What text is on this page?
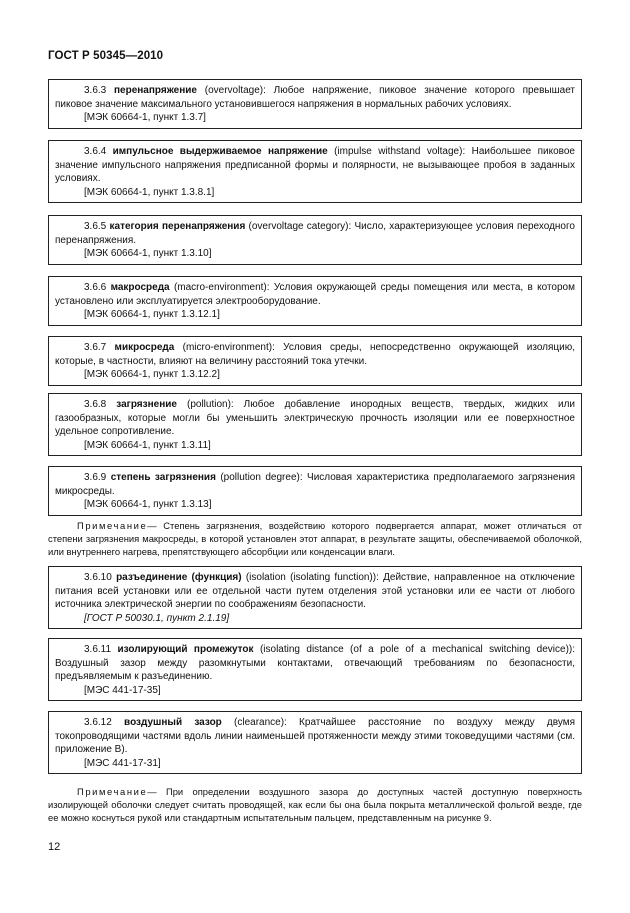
ГОСТ Р 50345—2010

3.6.3 перенапряжение (overvoltage): Любое напряжение, пиковое значение которого превышает пиковое значение максимального установившегося напряжения в нормальных рабочих условиях.

[МЭК 60664-1, пункт 1.3.7]

3.6.4 импульсное выдерживаемое напряжение (impulse withstand voltage): Наибольшее пиковое значение импульсного напряжения предписанной формы и полярности, не вызывающее пробоя в заданных условиях.

[МЭК 60664-1, пункт 1.3.8.1]

3.6.5 категория перенапряжения (overvoltage category): Число, характеризующее условия переходного перенапряжения.

[МЭК 60664-1, пункт 1.3.10]

3.6.6 макросреда (macro-environment): Условия окружающей среды помещения или места, в котором установлено или эксплуатируется электрооборудование.

[МЭК 60664-1, пункт 1.3.12.1]

3.6.7 микросреда (micro-environment): Условия среды, непосредственно окружающей изоляцию, которые, в частности, влияют на величину расстояний тока утечки.

[МЭК 60664-1, пункт 1.3.12.2]

3.6.8 загрязнение (pollution): Любое добавление инородных веществ, твердых, жидких или газообразных, которые могли бы уменьшить электрическую прочность изоляции или ее поверхностное удельное сопротивление.

[МЭК 60664-1, пункт 1.3.11]

3.6.9 степень загрязнения (pollution degree): Числовая характеристика предполагаемого загрязнения микросреды.

[МЭК 60664-1, пункт 1.3.13]

Примечание— Степень загрязнения, воздействию которого подвергается аппарат, может отличаться от степени загрязнения макросреды, в которой установлен этот аппарат, в результате защиты, обеспечиваемой оболочкой, или внутреннего нагрева, препятствующего абсорбции или конденсации влаги.

3.6.10 разъединение (функция) (isolation (isolating function)): Действие, направленное на отключение питания всей установки или ее отдельной части путем отделения этой установки или ее части от любого источника электрической энергии по соображениям безопасности.

[ГОСТ Р 50030.1, пункт 2.1.19]

3.6.11 изолирующий промежуток (isolating distance (of a pole of a mechanical switching device)): Воздушный зазор между разомкнутыми контактами, отвечающий требованиям по безопасности, предъявляемым к разъединению.

[МЭС 441-17-35]

3.6.12 воздушный зазор (clearance): Кратчайшее расстояние по воздуху между двумя токопроводящими частями вдоль линии наименьшей протяженности между этими токоведущими частями (см. приложение В).

[МЭС 441-17-31]

Примечание— При определении воздушного зазора до доступных частей доступную поверхность изолирующей оболочки следует считать проводящей, как если бы она была покрыта металлической фольгой везде, где ее можно коснуться рукой или стандартным испытательным пальцем, представленным на рисунке 9.

12
